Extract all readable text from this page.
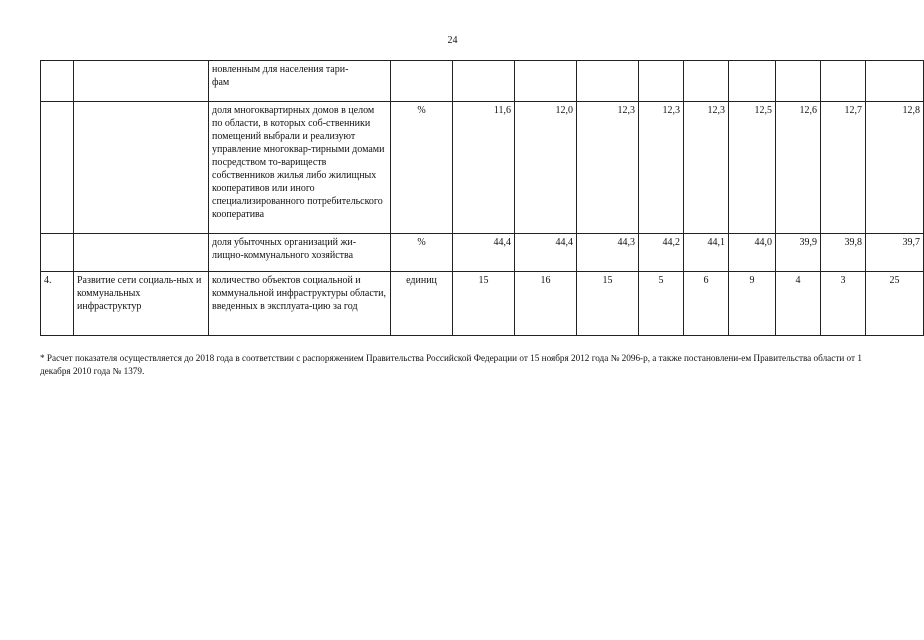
24
		новленным для населения тари-
фам										
		доля многоквартирных домов в целом по области, в которых соб-ственники помещений выбрали и реализуют управление многоквар-тирными домами посредством то-вариществ собственников жилья либо жилищных кооперативов или иного специализированного потребительского кооператива	%	11,6	12,0	12,3	12,3	12,3	12,5	12,6	12,7	12,8
		доля убыточных организаций жи-лищно-коммунального хозяйства	%	44,4	44,4	44,3	44,2	44,1	44,0	39,9	39,8	39,7
4.	Развитие сети социаль-ных и коммунальных инфраструктур	количество объектов социальной и коммунальной инфраструктуры области, введенных в эксплуата-цию за год	единиц	15	16	15	5	6	9	4	3	25
* Расчет показателя осуществляется до 2018 года в соответствии с распоряжением Правительства Российской Федерации от 15 ноября 2012 года № 2096-р, а также постановлени-ем Правительства области от 1 декабря 2010 года № 1379.
